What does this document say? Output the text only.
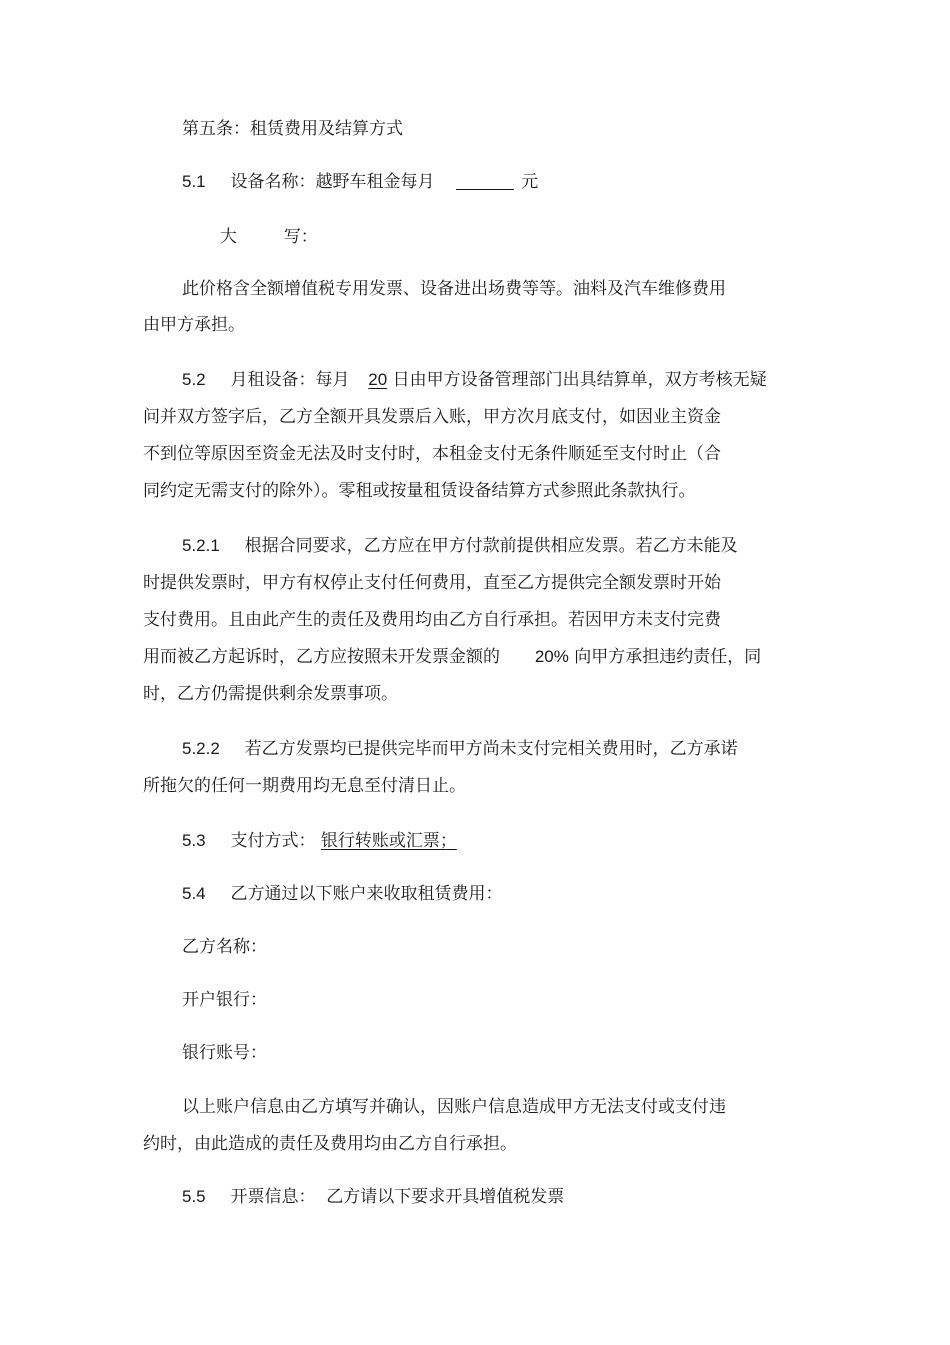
第五条：租赁费用及结算方式
5.1 设备名称：越野车租金每月	元
大	写：
此价格含全额增值税专用发票、设备进出场费等等。油料及汽车维修费用
由甲方承担。
5.2 月租设备：每月 20 日由甲方设备管理部门出具结算单，双方考核无疑
问并双方签字后，乙方全额开具发票后入账，甲方次月底支付，如因业主资金
不到位等原因至资金无法及时支付时，本租金支付无条件顺延至支付时止（合
同约定无需支付的除外）。零租或按量租赁设备结算方式参照此条款执行。
5.2.1 根据合同要求，乙方应在甲方付款前提供相应发票。若乙方未能及
时提供发票时，甲方有权停止支付任何费用，直至乙方提供完全额发票时开始
支付费用。且由此产生的责任及费用均由乙方自行承担。若因甲方未支付完费
用而被乙方起诉时，乙方应按照未开发票金额的 20% 向甲方承担违约责任，同
时，乙方仍需提供剩余发票事项。
5.2.2 若乙方发票均已提供完毕而甲方尚未支付完相关费用时，乙方承诺
所拖欠的任何一期费用均无息至付清日止。
5.3 支付方式： 银行转账或汇票；
5.4 乙方通过以下账户来收取租赁费用：
乙方名称：
开户银行：
银行账号：
以上账户信息由乙方填写并确认，因账户信息造成甲方无法支付或支付违
约时，由此造成的责任及费用均由乙方自行承担。
5.5 开票信息：  乙方请以下要求开具增值税发票
